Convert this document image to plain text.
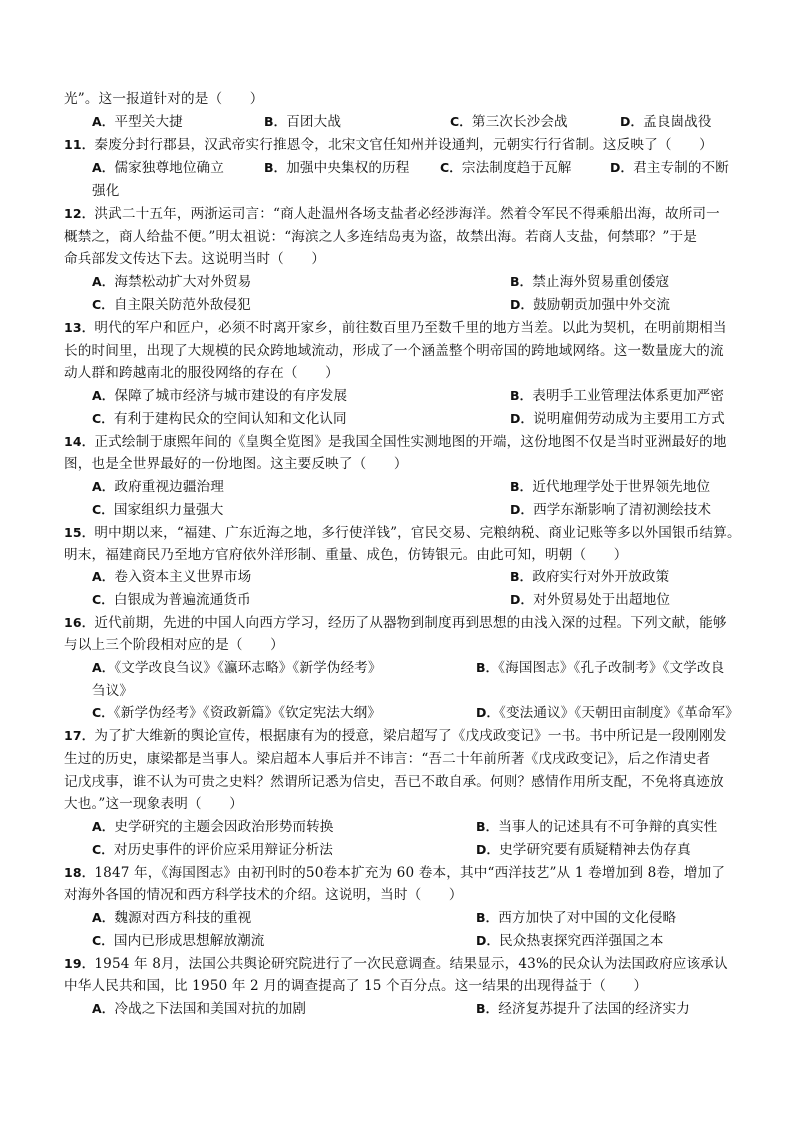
光”。这一报道针对的是（　　）
A．平型关大捷	B．百团大战	C．第三次长沙会战	D．孟良崮战役
11．秦废分封行郡县，汉武帝实行推恩令，北宋文官任知州并设通判，元朝实行行省制。这反映了（　　）
A．儒家独尊地位确立	B．加强中央集权的历程 C．宗法制度趋于瓦解	D．君主专制的不断
强化
12．洪武二十五年，两浙运司言：“商人赴温州各场支盐者必经涉海洋。然着令军民不得乘船出海，故所司一
概禁之，商人给盐不便。”明太祖说：“海滨之人多连结岛夷为盗，故禁出海。若商人支盐，何禁耶？”于是
命兵部发文传达下去。这说明当时（　　）
A．海禁松动扩大对外贸易	B．禁止海外贸易重创倭寇
C．自主限关防范外敌侵犯	D．鼓励朝贡加强中外交流
13．明代的军户和匠户，必须不时离开家乡，前往数百里乃至数千里的地方当差。以此为契机，在明前期相当
长的时间里，出现了大规模的民众跨地域流动，形成了一个涵盖整个明帝国的跨地域网络。这一数量庞大的流
动人群和跨越南北的服役网络的存在（　　）
A．保障了城市经济与城市建设的有序发展	B．表明手工业管理法体系更加严密
C．有利于建构民众的空间认知和文化认同	D．说明雇佣劳动成为主要用工方式
14．正式绘制于康熙年间的《皇舆全览图》是我国全国性实测地图的开端，这份地图不仅是当时亚洲最好的地
图，也是全世界最好的一份地图。这主要反映了（　　）
A．政府重视边疆治理	B．近代地理学处于世界领先地位
C．国家组织力量强大	D．西学东渐影响了清初测绘技术
15．明中期以来，“福建、广东近海之地，多行使洋钱”，官民交易、完粮纳税、商业记账等多以外国银币结算。
明末，福建商民乃至地方官府依外洋形制、重量、成色，仿铸银元。由此可知，明朝（　　）
A．卷入资本主义世界市场	B．政府实行对外开放政策
C．白银成为普遍流通货币	D．对外贸易处于出超地位
16．近代前期，先进的中国人向西方学习，经历了从器物到制度再到思想的由浅入深的过程。下列文献，能够
与以上三个阶段相对应的是（　　）
A．《文学改良刍议》《瀛环志略》《新学伪经考》	B．《海国图志》《孔子改制考》《文学改良
刍议》
C．《新学伪经考》《资政新篇》《钦定宪法大纲》	D．《变法通议》《天朝田亩制度》《革命军》
17．为了扩大维新的舆论宣传，根据康有为的授意，梁启超写了《戊戌政变记》一书。书中所记是一段刚刚发
生过的历史，康梁都是当事人。梁启超本人事后并不讳言：“吾二十年前所著《戊戌政变记》，后之作清史者
记戊戌事，谁不认为可贵之史料？然谓所记悉为信史，吾已不敢自承。何则？感情作用所支配，不免将真迹放
大也。”这一现象表明（　　）
A．史学研究的主题会因政治形势而转换	B．当事人的记述具有不可争辩的真实性
C．对历史事件的评价应采用辩证分析法	D．史学研究要有质疑精神去伪存真
18．1847 年，《海国图志》由初刊时的50卷本扩充为 60 卷本，其中“西洋技艺”从 1 卷增加到 8卷，增加了
对海外各国的情况和西方科学技术的介绍。这说明，当时（　　）
A．魏源对西方科技的重视	B．西方加快了对中国的文化侵略
C．国内已形成思想解放潮流	D．民众热衷探究西洋强国之本
19．1954 年 8月，法国公共舆论研究院进行了一次民意调查。结果显示，43%的民众认为法国政府应该承认
中华人民共和国，比 1950 年 2 月的调查提高了 15 个百分点。这一结果的出现得益于（　　）
A．冷战之下法国和美国对抗的加剧	B．经济复苏提升了法国的经济实力
